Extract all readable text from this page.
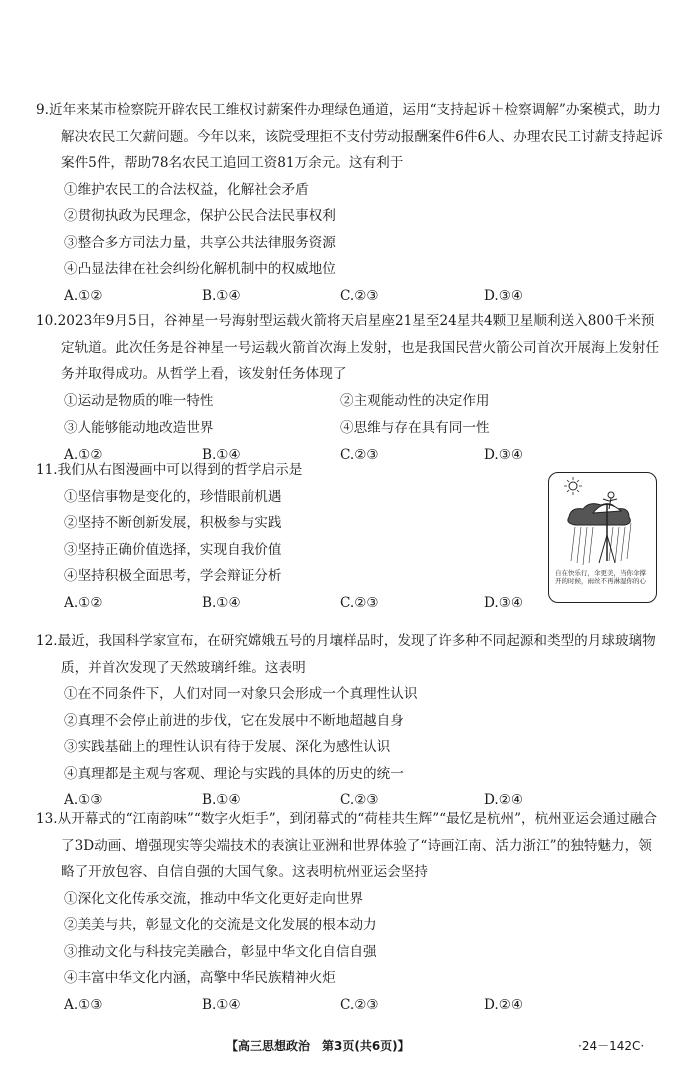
9.近年来某市检察院开辟农民工维权讨薪案件办理绿色通道，运用“支持起诉＋检察调解”办案模式，助力解决农民工欠薪问题。今年以来，该院受理拒不支付劳动报酬案件6件6人、办理农民工讨薪支持起诉案件5件，帮助78名农民工追回工资81万余元。这有利于

①维护农民工的合法权益，化解社会矛盾

②贯彻执政为民理念，保护公民合法民事权利

③整合多方司法力量，共享公共法律服务资源

④凸显法律在社会纠纷化解机制中的权威地位

A.①②	B.①④	C.②③	D.③④

10.2023年9月5日，谷神星一号海射型运载火箭将天启星座21星至24星共4颗卫星顺利送入800千米预定轨道。此次任务是谷神星一号运载火箭首次海上发射，也是我国民营火箭公司首次开展海上发射任务并取得成功。从哲学上看，该发射任务体现了

①运动是物质的唯一特性	②主观能动性的决定作用
③人能够能动地改造世界	④思维与存在具有同一性
A.①②	B.①④	C.②③	D.③④

11.我们从右图漫画中可以得到的哲学启示是

①坚信事物是变化的，珍惜眼前机遇

②坚持不断创新发展，积极参与实践

③坚持正确价值选择，实现自我价值

④坚持积极全面思考，学会辩证分析

A.①②	B.①④	C.②③	D.③④
自在快乐行，伞更美，当你伞撑开的时候，雨丝不再淋湿你的心

12.最近，我国科学家宣布，在研究嫦娥五号的月壤样品时，发现了许多种不同起源和类型的月球玻璃物质，并首次发现了天然玻璃纤维。这表明

①在不同条件下，人们对同一对象只会形成一个真理性认识

②真理不会停止前进的步伐，它在发展中不断地超越自身

③实践基础上的理性认识有待于发展、深化为感性认识

④真理都是主观与客观、理论与实践的具体的历史的统一

A.①③	B.①④	C.②③	D.②④

13.从开幕式的“江南韵味”“数字火炬手”，到闭幕式的“荷桂共生辉”“最忆是杭州”，杭州亚运会通过融合了3D动画、增强现实等尖端技术的表演让亚洲和世界体验了“诗画江南、活力浙江”的独特魅力，领略了开放包容、自信自强的大国气象。这表明杭州亚运会坚持

①深化文化传承交流，推动中华文化更好走向世界

②美美与共，彰显文化的交流是文化发展的根本动力

③推动文化与科技完美融合，彰显中华文化自信自强

④丰富中华文化内涵，高擎中华民族精神火炬

A.①③	B.①④	C.②③	D.②④
【高三思想政治　第3页(共6页)】	·24－142C·
